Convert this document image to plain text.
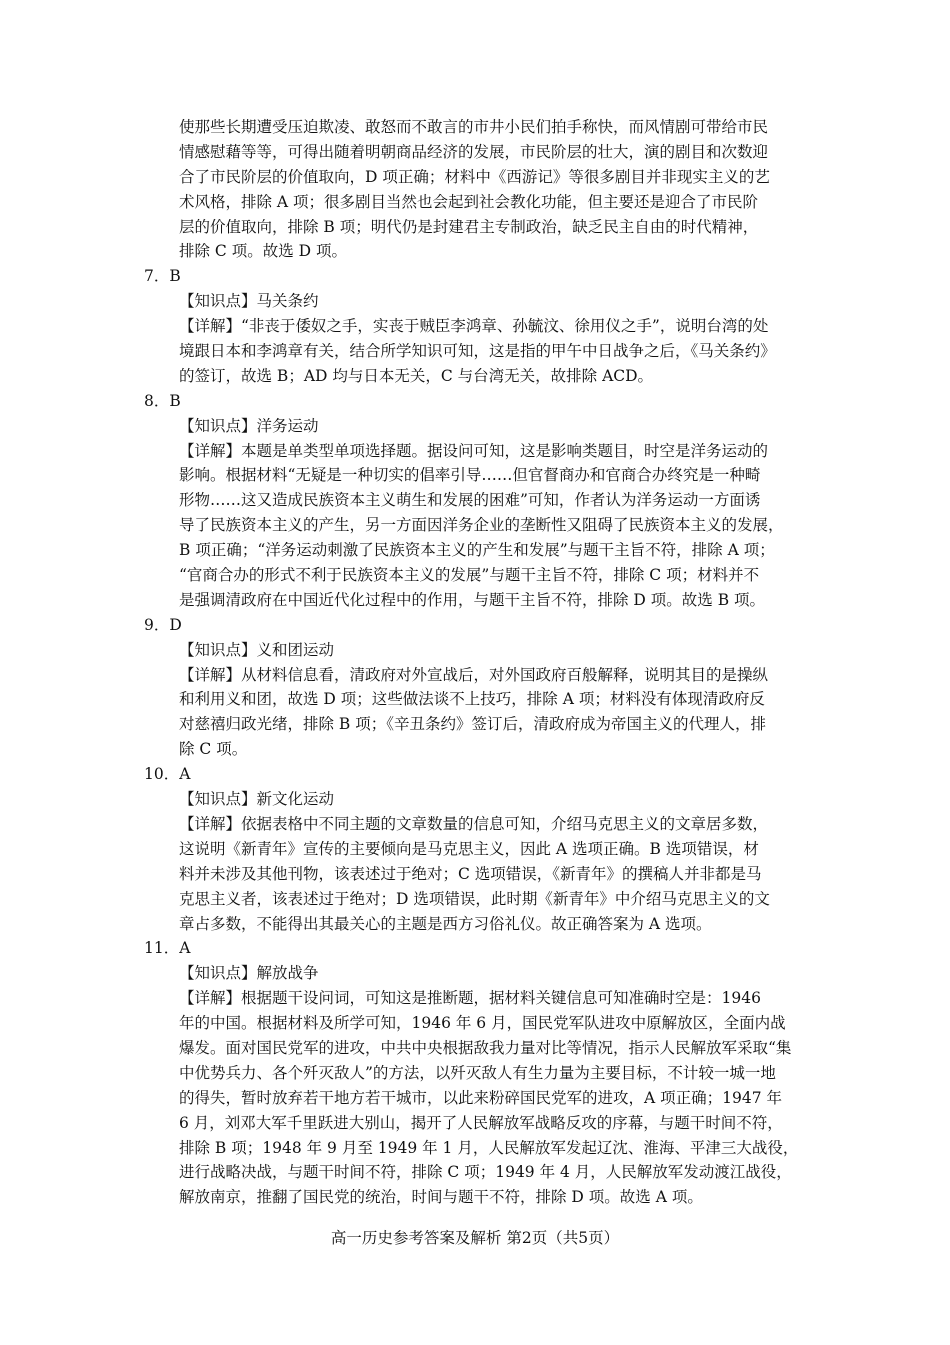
使那些长期遭受压迫欺凌、敢怒而不敢言的市井小民们拍手称快，而风情剧可带给市民
情感慰藉等等，可得出随着明朝商品经济的发展，市民阶层的壮大，演的剧目和次数迎
合了市民阶层的价值取向，D 项正确；材料中《西游记》等很多剧目并非现实主义的艺
术风格，排除 A 项；很多剧目当然也会起到社会教化功能，但主要还是迎合了市民阶
层的价值取向，排除 B 项；明代仍是封建君主专制政治，缺乏民主自由的时代精神，
排除 C 项。故选 D 项。
7．B
【知识点】马关条约
【详解】“非丧于倭奴之手，实丧于贼臣李鸿章、孙毓汶、徐用仪之手”，说明台湾的处
境跟日本和李鸿章有关，结合所学知识可知，这是指的甲午中日战争之后，《马关条约》
的签订，故选 B；AD 均与日本无关，C 与台湾无关，故排除 ACD。
8．B
【知识点】洋务运动
【详解】本题是单类型单项选择题。据设问可知，这是影响类题目，时空是洋务运动的
影响。根据材料“无疑是一种切实的倡率引导……但官督商办和官商合办终究是一种畸
形物……这又造成民族资本主义萌生和发展的困难”可知，作者认为洋务运动一方面诱
导了民族资本主义的产生，另一方面因洋务企业的垄断性又阻碍了民族资本主义的发展，
B 项正确；“洋务运动刺激了民族资本主义的产生和发展”与题干主旨不符，排除 A 项；
“官商合办的形式不利于民族资本主义的发展”与题干主旨不符，排除 C 项；材料并不
是强调清政府在中国近代化过程中的作用，与题干主旨不符，排除 D 项。故选 B 项。
9．D
【知识点】义和团运动
【详解】从材料信息看，清政府对外宣战后，对外国政府百般解释，说明其目的是操纵
和利用义和团，故选 D 项；这些做法谈不上技巧，排除 A 项；材料没有体现清政府反
对慈禧归政光绪，排除 B 项；《辛丑条约》签订后，清政府成为帝国主义的代理人，排
除 C 项。
10．A
【知识点】新文化运动
【详解】依据表格中不同主题的文章数量的信息可知，介绍马克思主义的文章居多数，
这说明《新青年》宣传的主要倾向是马克思主义，因此 A 选项正确。B 选项错误，材
料并未涉及其他刊物，该表述过于绝对；C 选项错误，《新青年》的撰稿人并非都是马
克思主义者，该表述过于绝对；D 选项错误，此时期《新青年》中介绍马克思主义的文
章占多数，不能得出其最关心的主题是西方习俗礼仪。故正确答案为 A 选项。
11．A
【知识点】解放战争
【详解】根据题干设问词，可知这是推断题，据材料关键信息可知准确时空是：1946
年的中国。根据材料及所学可知，1946 年 6 月，国民党军队进攻中原解放区，全面内战
爆发。面对国民党军的进攻，中共中央根据敌我力量对比等情况，指示人民解放军采取“集
中优势兵力、各个歼灭敌人”的方法，以歼灭敌人有生力量为主要目标，不计较一城一地
的得失，暂时放弃若干地方若干城市，以此来粉碎国民党军的进攻，A 项正确；1947 年
6 月，刘邓大军千里跃进大别山，揭开了人民解放军战略反攻的序幕，与题干时间不符，
排除 B 项；1948 年 9 月至 1949 年 1 月，人民解放军发起辽沈、淮海、平津三大战役，
进行战略决战，与题干时间不符，排除 C 项；1949 年 4 月，人民解放军发动渡江战役，
解放南京，推翻了国民党的统治，时间与题干不符，排除 D 项。故选 A 项。
高一历史参考答案及解析 第2页（共5页）
